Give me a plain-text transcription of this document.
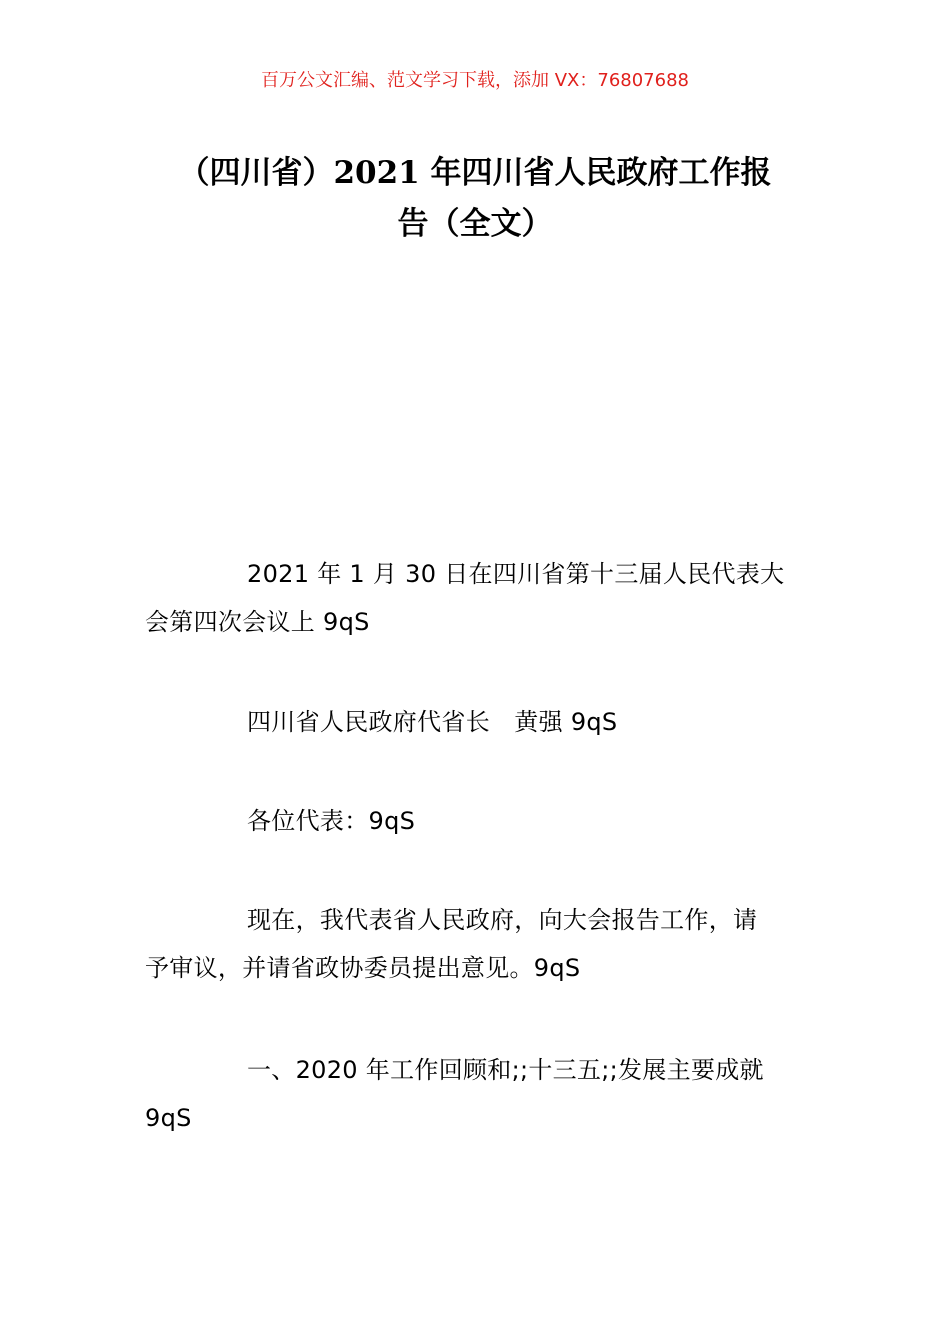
百万公文汇编、范文学习下载，添加 VX：76807688
（四川省）2021 年四川省人民政府工作报
告（全文）
2021 年 1 月 30 日在四川省第十三届人民代表大
会第四次会议上 9qS
四川省人民政府代省长　黄强 9qS
各位代表：9qS
现在，我代表省人民政府，向大会报告工作，请
予审议，并请省政协委员提出意见。9qS
一、2020 年工作回顾和;;十三五;;发展主要成就
9qS
